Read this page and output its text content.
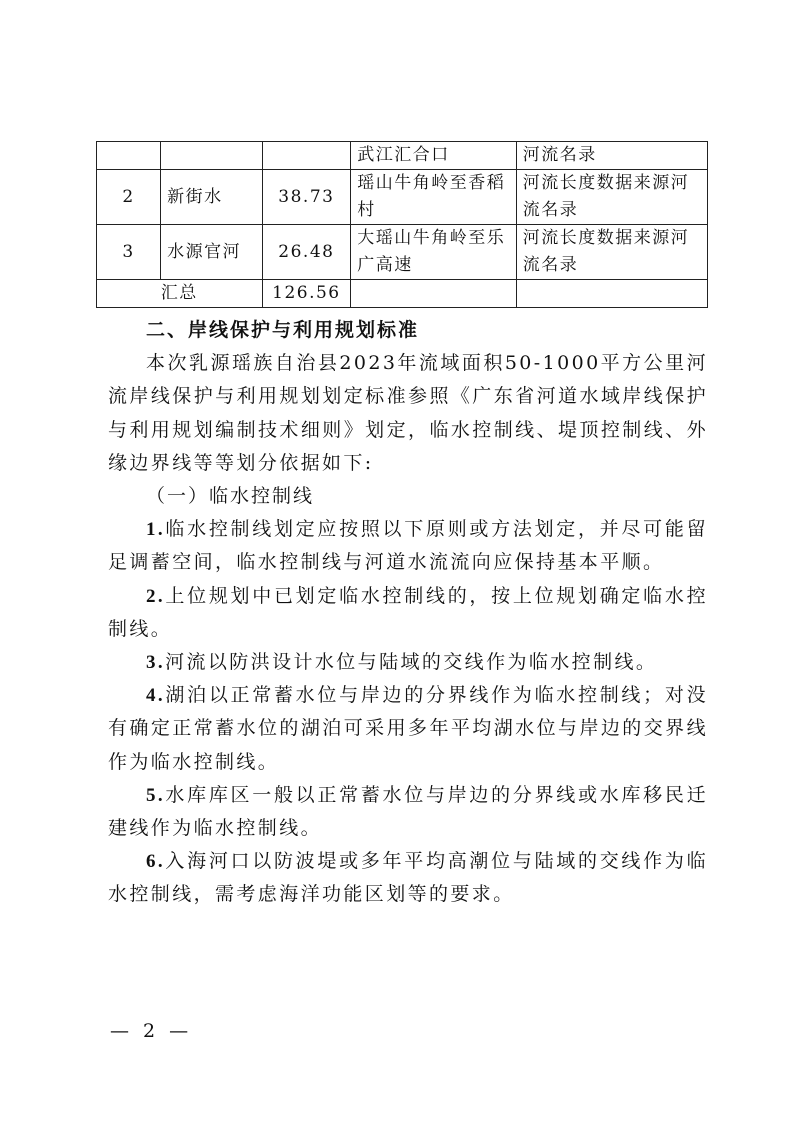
			武江汇合口	河流名录
2	新街水	38.73	瑶山牛角岭至香稻村	河流长度数据来源河流名录
3	水源官河	26.48	大瑶山牛角岭至乐广高速	河流长度数据来源河流名录
汇总		126.56		

二、岸线保护与利用规划标准

本次乳源瑶族自治县2023年流域面积50-1000平方公里河流岸线保护与利用规划划定标准参照《广东省河道水域岸线保护与利用规划编制技术细则》划定，临水控制线、堤顶控制线、外缘边界线等等划分依据如下:

（一）临水控制线

1.临水控制线划定应按照以下原则或方法划定，并尽可能留足调蓄空间，临水控制线与河道水流流向应保持基本平顺。

2.上位规划中已划定临水控制线的，按上位规划确定临水控制线。

3.河流以防洪设计水位与陆域的交线作为临水控制线。

4.湖泊以正常蓄水位与岸边的分界线作为临水控制线；对没有确定正常蓄水位的湖泊可采用多年平均湖水位与岸边的交界线作为临水控制线。

5.水库库区一般以正常蓄水位与岸边的分界线或水库移民迁建线作为临水控制线。

6.入海河口以防波堤或多年平均高潮位与陆域的交线作为临水控制线，需考虑海洋功能区划等的要求。

— 2 —
